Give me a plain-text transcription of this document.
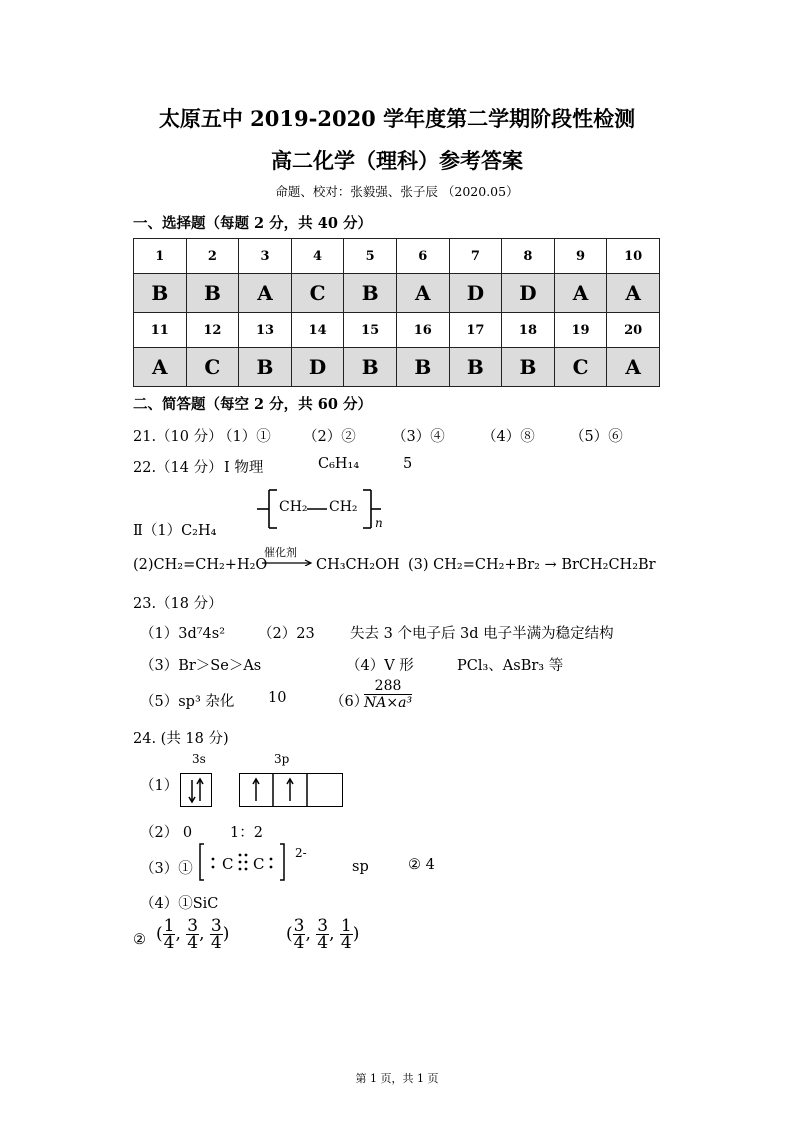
太原五中 2019-2020 学年度第二学期阶段性检测
高二化学（理科）参考答案
命题、校对：张毅强、张子辰 （2020.05）
一、选择题（每题 2 分，共 40 分）
1	2	3	4	5	6	7	8	9	10
B	B	A	C	B	A	D	D	A	A
11	12	13	14	15	16	17	18	19	20
A	C	B	D	B	B	B	B	C	A
二、简答题（每空 2 分，共 60 分）
21.（10 分）
（1）① （2）②	（3）④	（4）⑧ （5）⑥
22.（14 分） Ⅰ 物理	C₆H₁₄	5
Ⅱ（1）C₂H₄
CH₂ CH₂
n
(2)CH₂=CH₂+H₂O
催化剂
CH₃CH₂OH (3) CH₂=CH₂+Br₂ → BrCH₂CH₂Br
23.（18 分）
（1）3d⁷4s² （2）23 失去 3 个电子后 3d 电子半满为稳定结构
（3）Br＞Se＞As	（4）V 形	PCl₃、AsBr₃ 等
（5）sp³ 杂化 10	（6）
$\frac{288}{\text{NA×a³}}$
24. (共 18 分)
3s	3p
（1）
（2） 0	1：2
（3）① C C
2-
sp	② 4
（4）①SiC
② ( $\frac{1}{4}$ , $\frac{3}{4}$ , $\frac{3}{4}$ )	( $\frac{3}{4}$ , $\frac{3}{4}$ , $\frac{1}{4}$ )
第 1 页，共 1 页
